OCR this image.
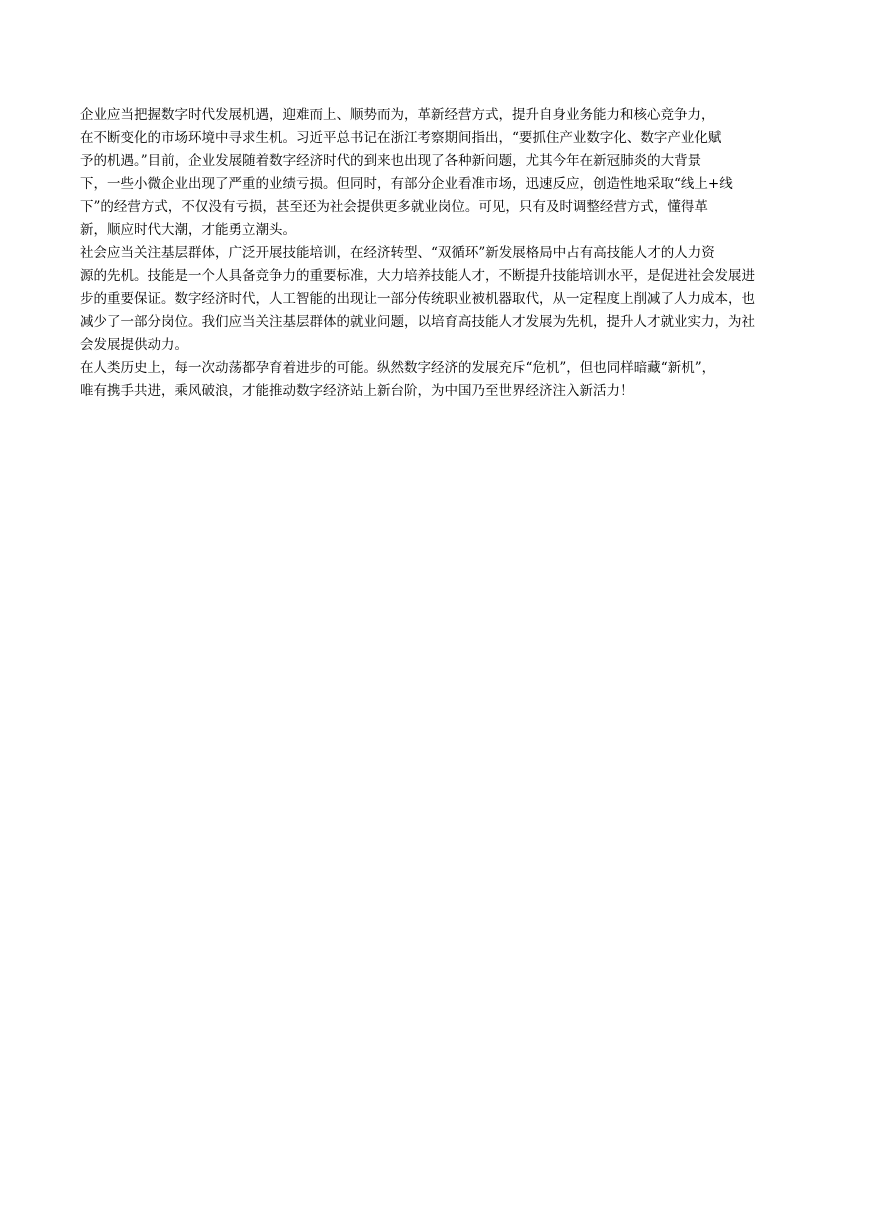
企业应当把握数字时代发展机遇，迎难而上、顺势而为，革新经营方式，提升自身业务能力和核心竞争力，
在不断变化的市场环境中寻求生机。习近平总书记在浙江考察期间指出，“要抓住产业数字化、数字产业化赋
予的机遇。”目前，企业发展随着数字经济时代的到来也出现了各种新问题，尤其今年在新冠肺炎的大背景
下，一些小微企业出现了严重的业绩亏损。但同时，有部分企业看准市场，迅速反应，创造性地采取“线上+线
下”的经营方式，不仅没有亏损，甚至还为社会提供更多就业岗位。可见，只有及时调整经营方式，懂得革
新，顺应时代大潮，才能勇立潮头。
社会应当关注基层群体，广泛开展技能培训，在经济转型、“双循环”新发展格局中占有高技能人才的人力资
源的先机。技能是一个人具备竞争力的重要标准，大力培养技能人才，不断提升技能培训水平，是促进社会发展进
步的重要保证。数字经济时代，人工智能的出现让一部分传统职业被机器取代，从一定程度上削减了人力成本，也
减少了一部分岗位。我们应当关注基层群体的就业问题，以培育高技能人才发展为先机，提升人才就业实力，为社
会发展提供动力。
在人类历史上，每一次动荡都孕育着进步的可能。纵然数字经济的发展充斥“危机”，但也同样暗藏“新机”，
唯有携手共进，乘风破浪，才能推动数字经济站上新台阶，为中国乃至世界经济注入新活力！
